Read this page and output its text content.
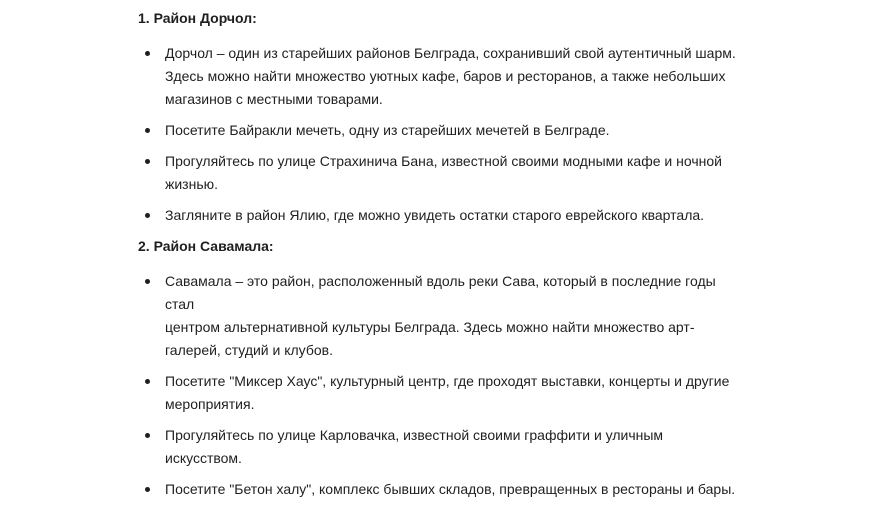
1. Район Дорчол:
Дорчол – один из старейших районов Белграда, сохранивший свой аутентичный шарм.
Здесь можно найти множество уютных кафе, баров и ресторанов, а также небольших
магазинов с местными товарами.
Посетите Байракли мечеть, одну из старейших мечетей в Белграде.
Прогуляйтесь по улице Страхинича Бана, известной своими модными кафе и ночной
жизнью.
Загляните в район Ялию, где можно увидеть остатки старого еврейского квартала.
2. Район Савамала:
Савамала – это район, расположенный вдоль реки Сава, который в последние годы стал
центром альтернативной культуры Белграда. Здесь можно найти множество арт-
галерей, студий и клубов.
Посетите "Миксер Хаус", культурный центр, где проходят выставки, концерты и другие
мероприятия.
Прогуляйтесь по улице Карловачка, известной своими граффити и уличным искусством.
Посетите "Бетон халу", комплекс бывших складов, превращенных в рестораны и бары.
